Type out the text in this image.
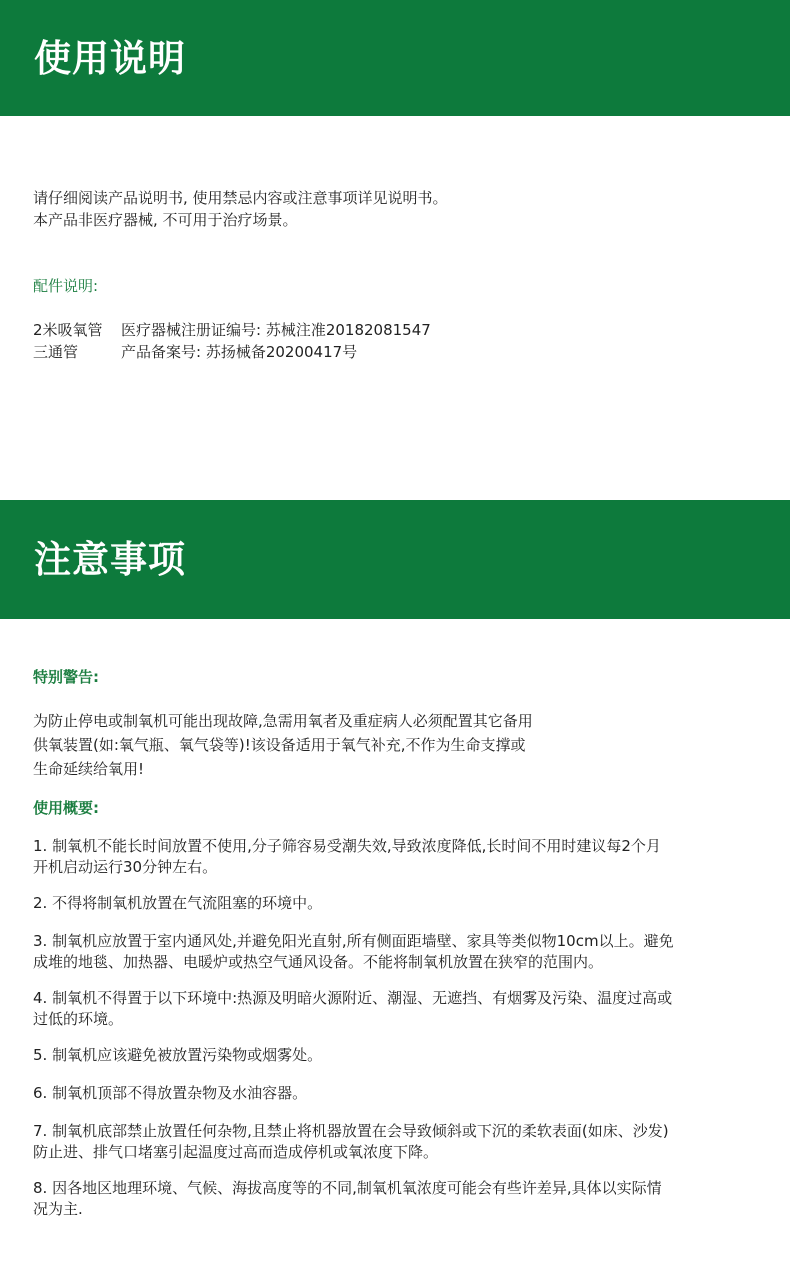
使用说明
请仔细阅读产品说明书, 使用禁忌内容或注意事项详见说明书。
本产品非医疗器械, 不可用于治疗场景。
配件说明:
2米吸氧管	医疗器械注册证编号: 苏械注准20182081547
三通管	产品备案号: 苏扬械备20200417号
注意事项
特别警告:
为防止停电或制氧机可能出现故障,急需用氧者及重症病人必须配置其它备用
供氧装置(如:氧气瓶、氧气袋等)!该设备适用于氧气补充,不作为生命支撑或
生命延续给氧用!
使用概要:
1. 制氧机不能长时间放置不使用,分子筛容易受潮失效,导致浓度降低,长时间不用时建议每2个月
开机启动运行30分钟左右。
2. 不得将制氧机放置在气流阻塞的环境中。
3. 制氧机应放置于室内通风处,并避免阳光直射,所有侧面距墙壁、家具等类似物10cm以上。避免
成堆的地毯、加热器、电暖炉或热空气通风设备。不能将制氧机放置在狭窄的范围内。
4. 制氧机不得置于以下环境中:热源及明暗火源附近、潮湿、无遮挡、有烟雾及污染、温度过高或
过低的环境。
5. 制氧机应该避免被放置污染物或烟雾处。
6. 制氧机顶部不得放置杂物及水油容器。
7. 制氧机底部禁止放置任何杂物,且禁止将机器放置在会导致倾斜或下沉的柔软表面(如床、沙发)
防止进、排气口堵塞引起温度过高而造成停机或氧浓度下降。
8. 因各地区地理环境、气候、海拔高度等的不同,制氧机氧浓度可能会有些许差异,具体以实际情
况为主.
